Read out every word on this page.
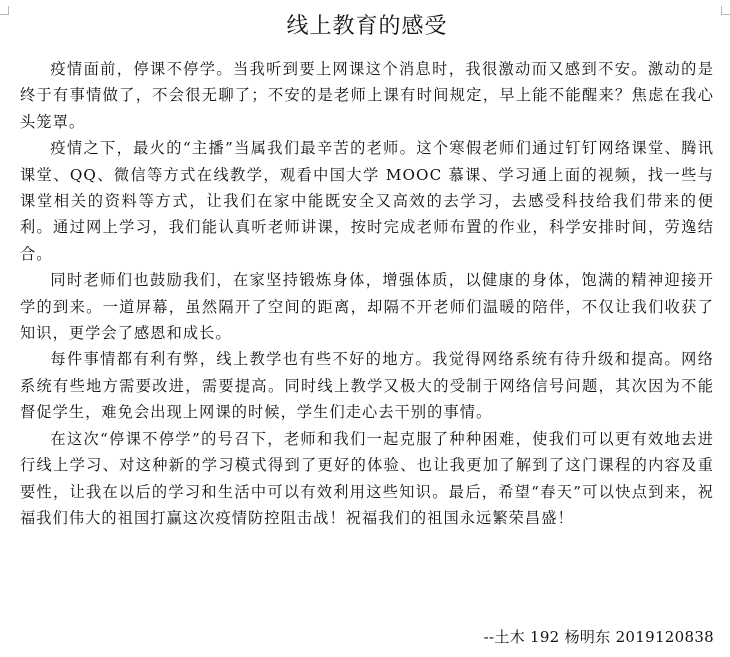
线上教育的感受

疫情面前，停课不停学。当我听到要上网课这个消息时，我很激动而又感到不安。激动的是终于有事情做了，不会很无聊了；不安的是老师上课有时间规定，早上能不能醒来？焦虑在我心头笼罩。

疫情之下，最火的“主播”当属我们最辛苦的老师。这个寒假老师们通过钉钉网络课堂、腾讯课堂、QQ、微信等方式在线教学，观看中国大学 MOOC 慕课、学习通上面的视频，找一些与课堂相关的资料等方式，让我们在家中能既安全又高效的去学习，去感受科技给我们带来的便利。通过网上学习，我们能认真听老师讲课，按时完成老师布置的作业，科学安排时间，劳逸结合。

同时老师们也鼓励我们，在家坚持锻炼身体，增强体质，以健康的身体，饱满的精神迎接开学的到来。一道屏幕，虽然隔开了空间的距离，却隔不开老师们温暖的陪伴，不仅让我们收获了知识，更学会了感恩和成长。

每件事情都有利有弊，线上教学也有些不好的地方。我觉得网络系统有待升级和提高。网络系统有些地方需要改进，需要提高。同时线上教学又极大的受制于网络信号问题，其次因为不能督促学生，难免会出现上网课的时候，学生们走心去干别的事情。

在这次“停课不停学”的号召下，老师和我们一起克服了种种困难，使我们可以更有效地去进行线上学习、对这种新的学习模式得到了更好的体验、也让我更加了解到了这门课程的内容及重要性，让我在以后的学习和生活中可以有效利用这些知识。最后，希望“春天”可以快点到来，祝福我们伟大的祖国打赢这次疫情防控阻击战！祝福我们的祖国永远繁荣昌盛！

--土木 192 杨明东 2019120838
